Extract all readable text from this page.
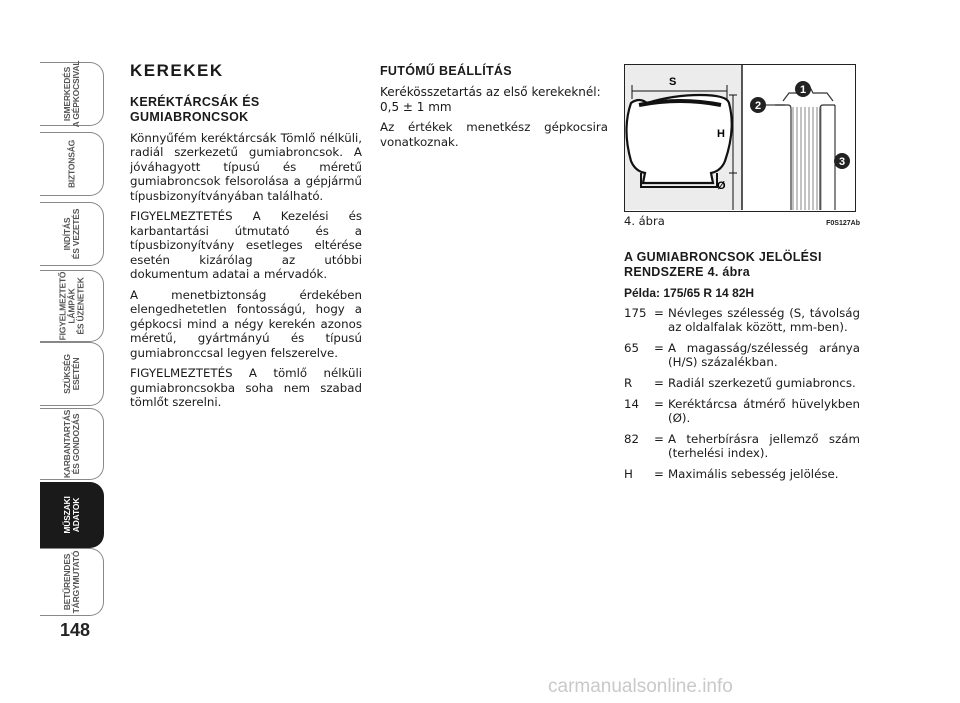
ISMERKEDÉS
A GÉPKOCSIVAL
BIZTONSÁG
INDÍTÁS
ÉS VEZETÉS
FIGYELMEZTETŐ
LÁMPÁK
ÉS ÜZENETEK
SZÜKSÉG
ESETÉN
KARBANTARTÁS
ÉS GONDOZÁS
MŰSZAKI
ADATOK
BETŰRENDES
TÁRGYMUTATÓ
148
KEREKEK
KERÉKTÁRCSÁK ÉS GUMIABRONCSOK

Könnyűfém keréktárcsák Tömlő nélküli, radiál szerkezetű gumiabroncsok. A jóváhagyott típusú és méretű gumiabroncsok felsorolása a gépjármű típusbizonyítványában található.

FIGYELMEZTETÉS A Kezelési és karbantartási útmutató és a típusbizonyítvány esetleges eltérése esetén kizárólag az utóbbi dokumentum adatai a mérvadók.

A menetbiztonság érdekében elengedhetetlen fontosságú, hogy a gépkocsi mind a négy kerekén azonos méretű, gyártmányú és típusú gumiabronccsal legyen felszerelve.

FIGYELMEZTETÉS A tömlő nélküli gumiabroncsokba soha nem szabad tömlőt szerelni.

FUTÓMŰ BEÁLLÍTÁS
Kerékösszetartás az első kerekeknél:
0,5 ± 1 mm

Az értékek menetkész gépkocsira vonatkoznak.

S
H
Ø
1
2
3
4. ábra	F0S127Ab
A GUMIABRONCSOK JELÖLÉSI RENDSZERE 4. ábra
Példa: 175/65 R 14 82H
175 = Névleges szélesség (S, távolság az oldalfalak között, mm-ben).
65	= A magasság/szélesség aránya (H/S) százalékban.
R	= Radiál szerkezetű gumiabroncs.
14	= Keréktárcsa átmérő hüvelykben (Ø).
82	= A teherbírásra jellemző szám (terhelési index).
H	= Maximális sebesség jelölése.
carmanualsonline.info
